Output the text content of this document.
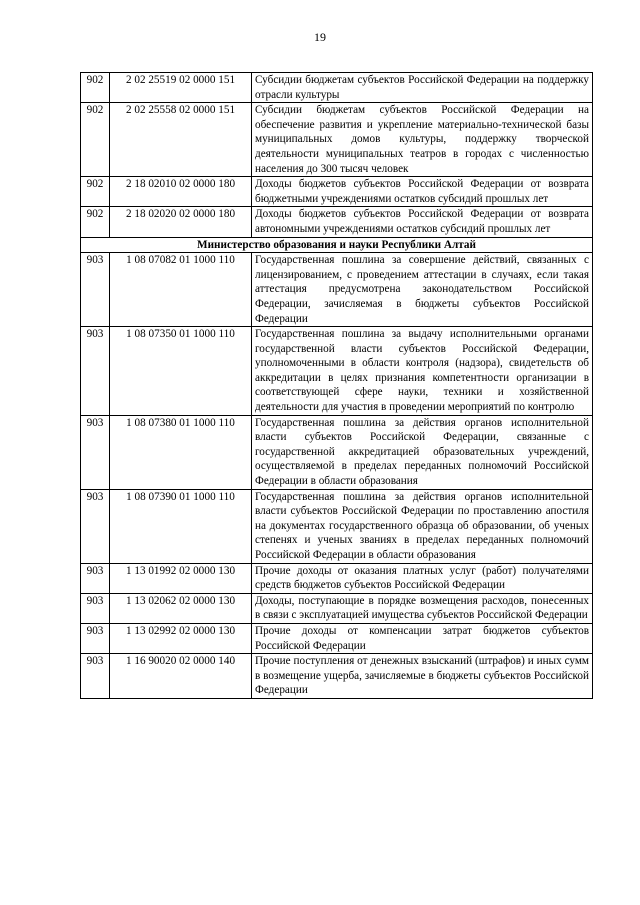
19
902	2 02 25519 02 0000 151	Субсидии бюджетам субъектов Российской Федерации на поддержку отрасли культуры
902	2 02 25558 02 0000 151	Субсидии бюджетам субъектов Российской Федерации на обеспечение развития и укрепление материально-технической базы муниципальных домов культуры, поддержку творческой деятельности муниципальных театров в городах с численностью населения до 300 тысяч человек
902	2 18 02010 02 0000 180	Доходы бюджетов субъектов Российской Федерации от возврата бюджетными учреждениями остатков субсидий прошлых лет
902	2 18 02020 02 0000 180	Доходы бюджетов субъектов Российской Федерации от возврата автономными учреждениями остатков субсидий прошлых лет
Министерство образования и науки Республики Алтай		
903	1 08 07082 01 1000 110	Государственная пошлина за совершение действий, связанных с лицензированием, с проведением аттестации в случаях, если такая аттестация предусмотрена законодательством Российской Федерации, зачисляемая в бюджеты субъектов Российской Федерации
903	1 08 07350 01 1000 110	Государственная пошлина за выдачу исполнительными органами государственной власти субъектов Российской Федерации, уполномоченными в области контроля (надзора), свидетельств об аккредитации в целях признания компетентности организации в соответствующей сфере науки, техники и хозяйственной деятельности для участия в проведении мероприятий по контролю
903	1 08 07380 01 1000 110	Государственная пошлина за действия органов исполнительной власти субъектов Российской Федерации, связанные с государственной аккредитацией образовательных учреждений, осуществляемой в пределах переданных полномочий Российской Федерации в области образования
903	1 08 07390 01 1000 110	Государственная пошлина за действия органов исполнительной власти субъектов Российской Федерации по проставлению апостиля на документах государственного образца об образовании, об ученых степенях и ученых званиях в пределах переданных полномочий Российской Федерации в области образования
903	1 13 01992 02 0000 130	Прочие доходы от оказания платных услуг (работ) получателями средств бюджетов субъектов Российской Федерации
903	1 13 02062 02 0000 130	Доходы, поступающие в порядке возмещения расходов, понесенных в связи с эксплуатацией имущества субъектов Российской Федерации
903	1 13 02992 02 0000 130	Прочие доходы от компенсации затрат бюджетов субъектов Российской Федерации
903	1 16 90020 02 0000 140	Прочие поступления от денежных взысканий (штрафов) и иных сумм в возмещение ущерба, зачисляемые в бюджеты субъектов Российской Федерации
